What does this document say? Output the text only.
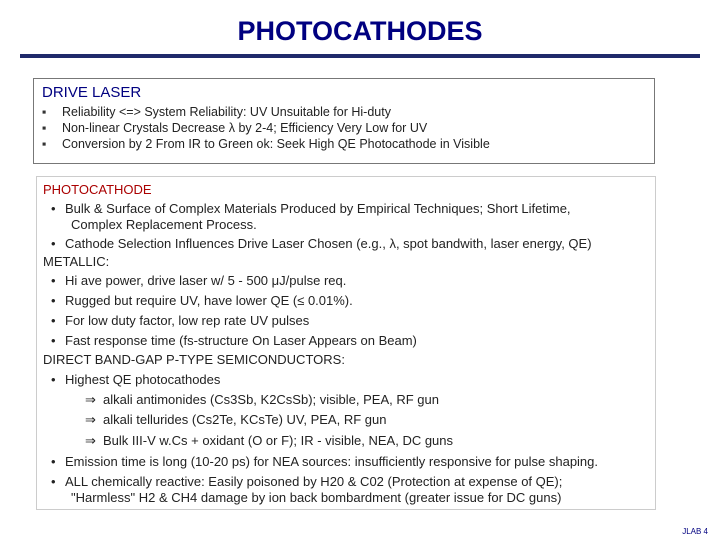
PHOTOCATHODES
DRIVE LASER
▪ Reliability <=> System Reliability: UV Unsuitable for Hi-duty
▪ Non-linear Crystals Decrease λ by 2-4; Efficiency Very Low for UV
▪ Conversion by 2 From IR to Green ok: Seek High QE Photocathode in Visible
PHOTOCATHODE
• Bulk & Surface of Complex Materials Produced by Empirical Techniques; Short Lifetime,
Complex Replacement Process.
• Cathode Selection Influences Drive Laser Chosen (e.g., λ, spot bandwith, laser energy, QE)
METALLIC:
• Hi ave power, drive laser w/ 5 - 500 μJ/pulse req.
• Rugged but require UV, have lower QE (≤ 0.01%).
• For low duty factor, low rep rate UV pulses
• Fast response time (fs-structure On Laser Appears on Beam)
DIRECT BAND-GAP P-TYPE SEMICONDUCTORS:
• Highest QE photocathodes
⇒ alkali antimonides (Cs3Sb, K2CsSb); visible, PEA, RF gun
⇒ alkali tellurides (Cs2Te, KCsTe) UV, PEA, RF gun
⇒ Bulk III-V w.Cs + oxidant (O or F); IR - visible, NEA, DC guns
• Emission time is long (10-20 ps) for NEA sources: insufficiently responsive for pulse shaping.
• ALL chemically reactive: Easily poisoned by H20 & C02 (Protection at expense of QE);
"Harmless" H2 & CH4 damage by ion back bombardment (greater issue for DC guns)
JLAB 4
